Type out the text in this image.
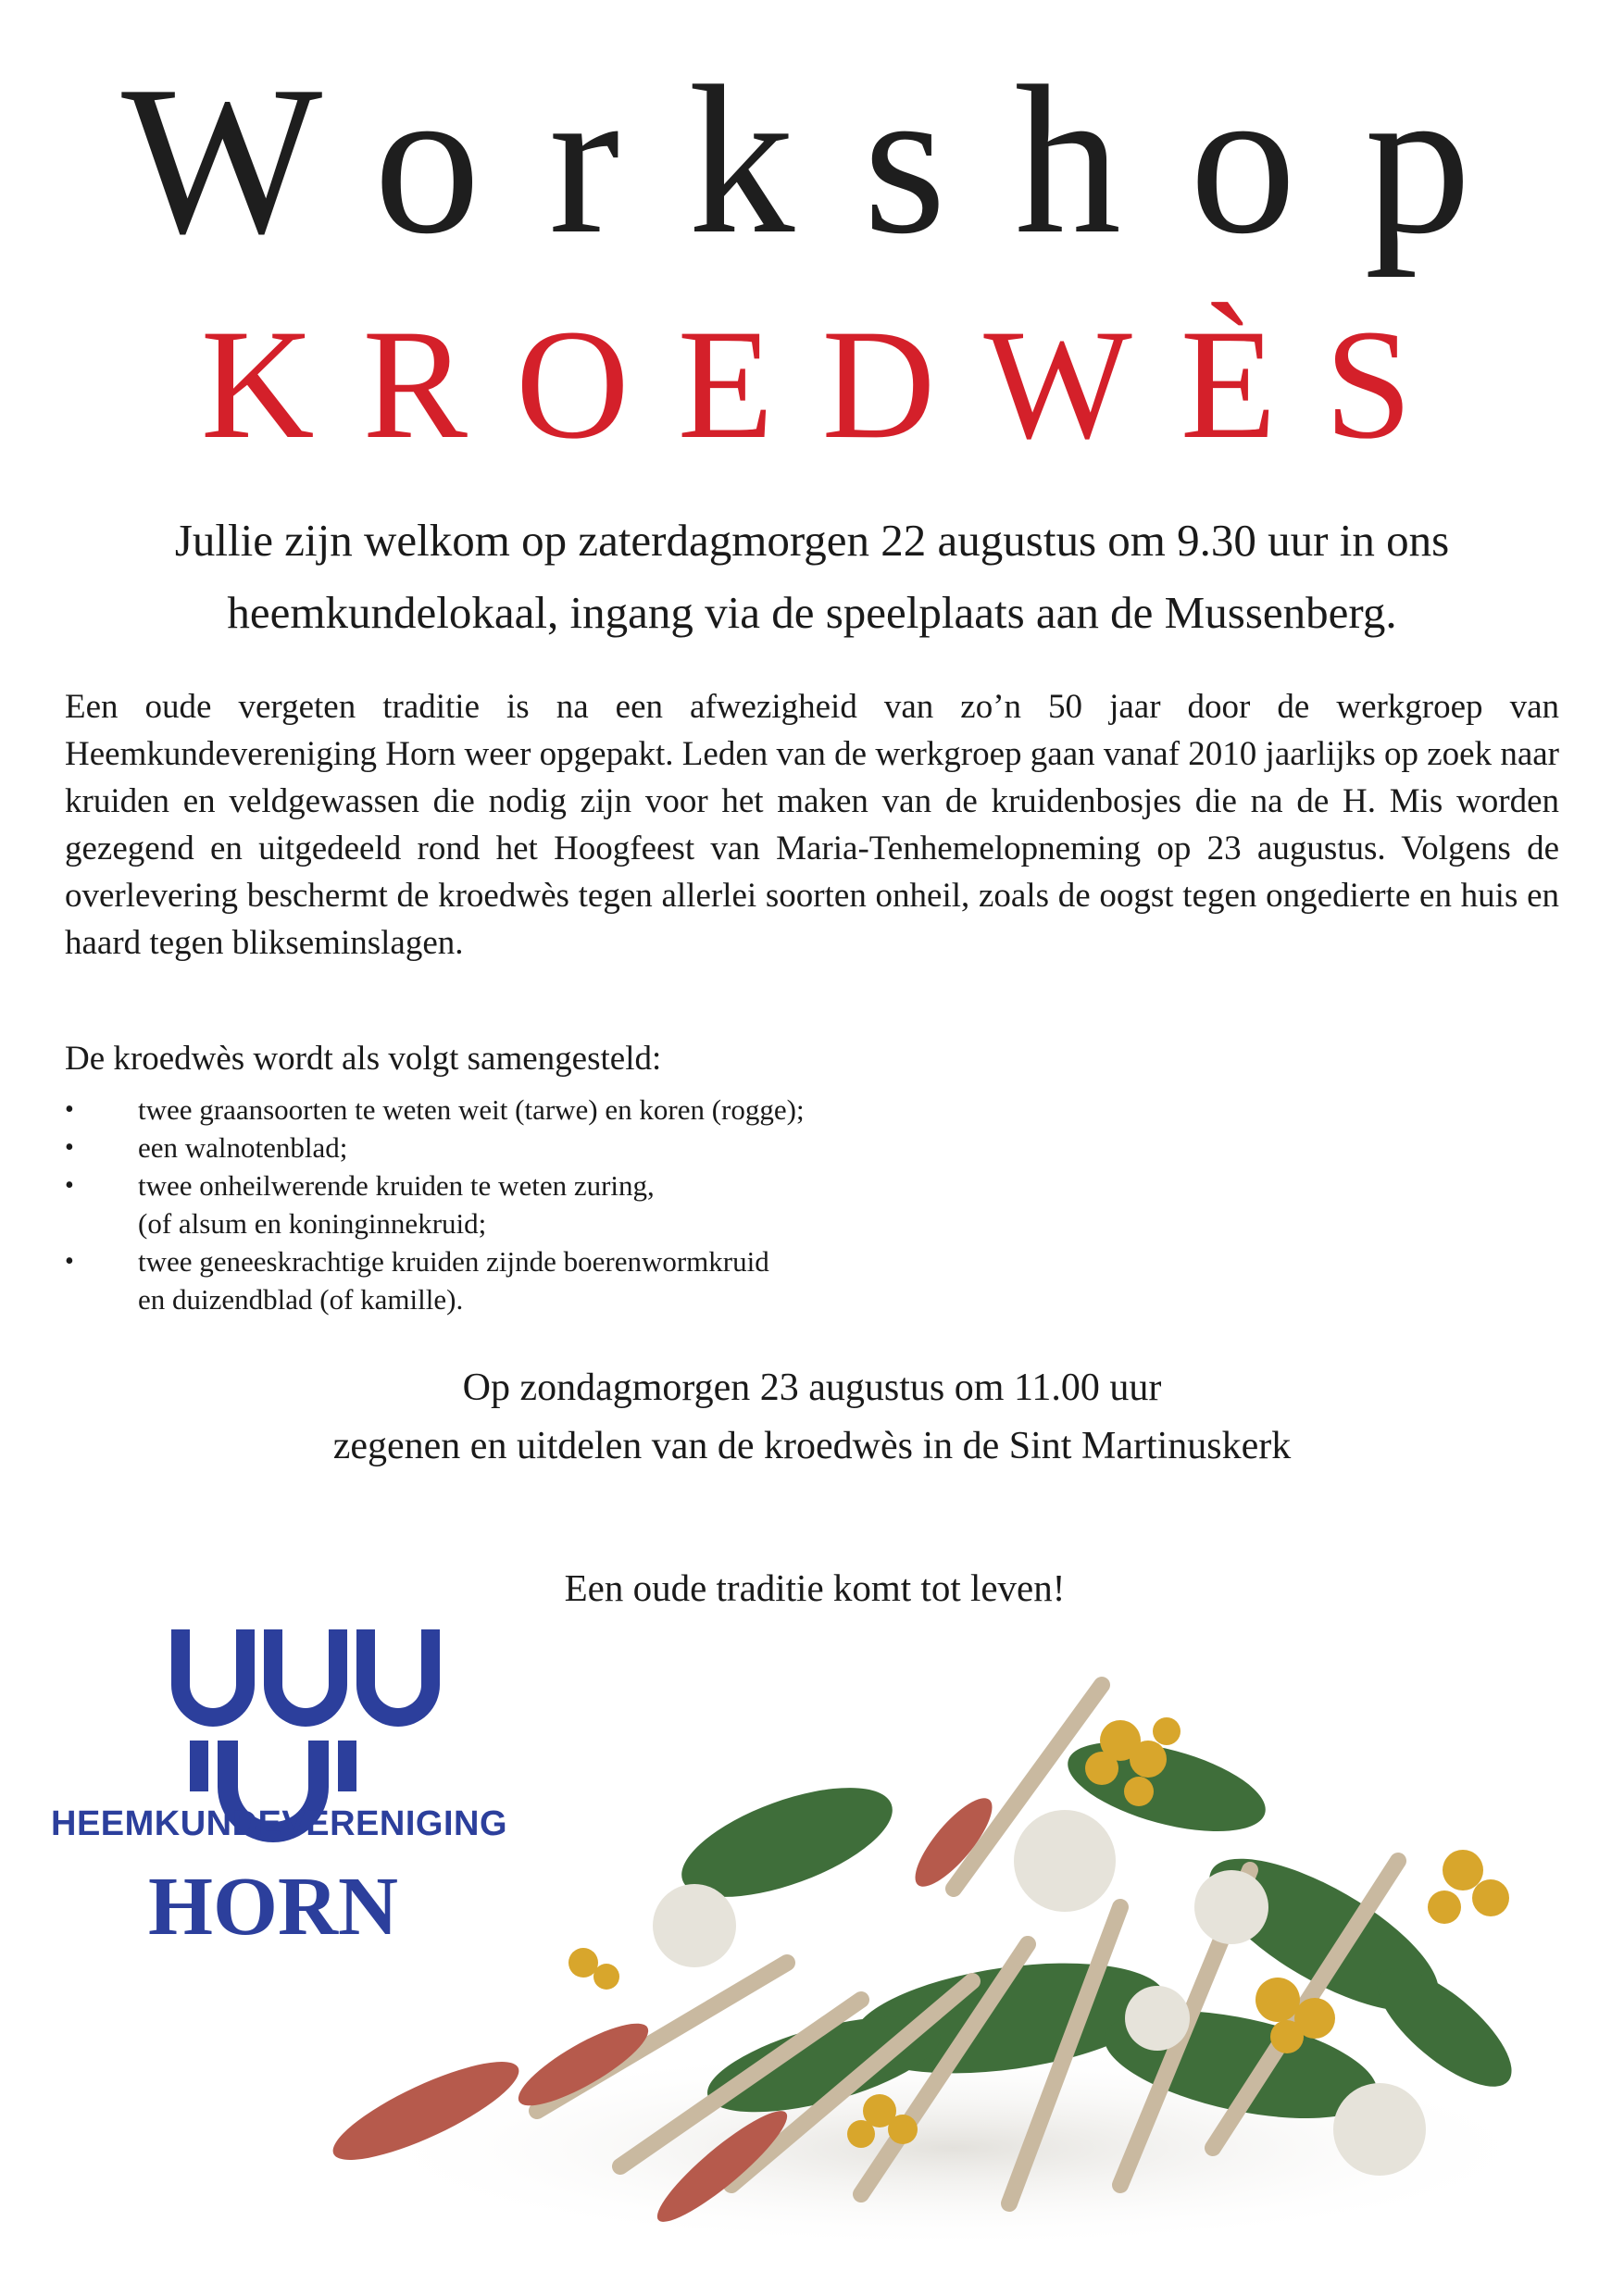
Workshop
KROEDWÈS
Jullie zijn welkom op zaterdagmorgen 22 augustus om 9.30 uur in ons
heemkundelokaal, ingang via de speelplaats aan de Mussenberg.

Een oude vergeten traditie is na een afwezigheid van zo’n 50 jaar door de werkgroep van Heemkundevereniging Horn weer opgepakt. Leden van de werkgroep gaan vanaf 2010 jaarlijks op zoek naar kruiden en veldgewassen die nodig zijn voor het maken van de kruidenbosjes die na de H. Mis worden gezegend en uitgedeeld rond het Hoogfeest van Maria-Tenhemelopneming op 23 augustus. Volgens de overlevering beschermt de kroedwès tegen allerlei soorten onheil, zoals de oogst tegen ongedierte en huis en haard tegen blikseminslagen.

De kroedwès wordt als volgt samengesteld:
• twee graansoorten te weten weit (tarwe) en koren (rogge);
• een walnotenblad;
• twee onheilwerende kruiden te weten zuring,
(of alsum en koninginnekruid;
• twee geneeskrachtige kruiden zijnde boerenwormkruid
en duizendblad (of kamille).
Op zondagmorgen 23 augustus om 11.00 uur
zegenen en uitdelen van de kroedwès in de Sint Martinuskerk
Een oude traditie komt tot leven!
HEEMKUNDEVERENIGING
HORN
